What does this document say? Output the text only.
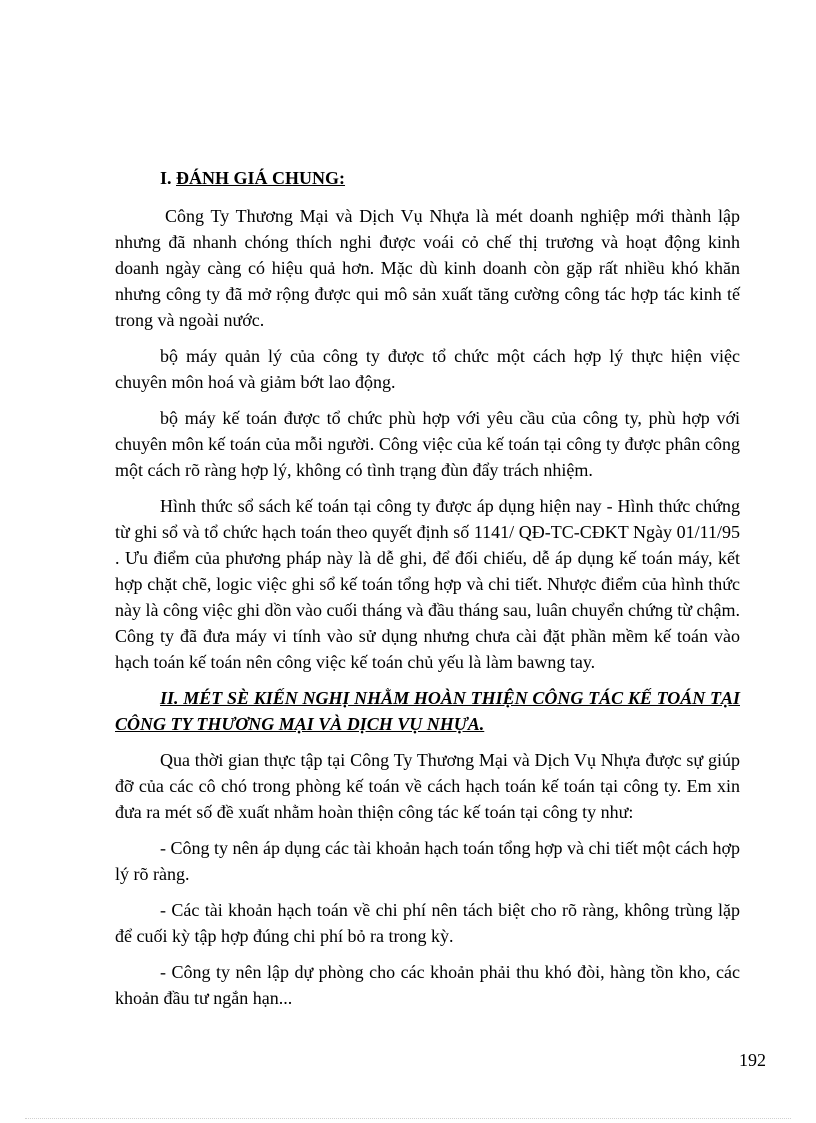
I. ĐÁNH GIÁ CHUNG:

Công Ty Thương Mại và Dịch Vụ Nhựa là mét doanh nghiệp mới thành lập nhưng đã nhanh chóng thích nghi được voái cỏ chế thị trương và hoạt động kinh doanh ngày càng có hiệu quả hơn. Mặc dù kinh doanh còn gặp rất nhiều khó khăn nhưng công ty đã mở rộng được qui mô sản xuất tăng cường công tác hợp tác kinh tế trong và ngoài nước.

bộ máy quản lý của công ty được tổ chức một cách hợp lý thực hiện việc chuyên môn hoá và giảm bớt lao động.

bộ máy kế toán được tổ chức phù hợp với yêu cầu của công ty, phù hợp với chuyên môn kế toán của mỗi người. Công việc của kế toán tại công ty được phân công một cách rõ ràng hợp lý, không có tình trạng đùn đẩy trách nhiệm.

Hình thức sổ sách kế toán tại công ty được áp dụng hiện nay - Hình thức chứng từ ghi sổ và tổ chức hạch toán theo quyết định số 1141/ QĐ-TC-CĐKT Ngày 01/11/95 . Ưu điểm của phương pháp này là dễ ghi, để đối chiếu, dễ áp dụng kế toán máy, kết hợp chặt chẽ, logic việc ghi sổ kế toán tổng hợp và chi tiết. Nhược điểm của hình thức này là công việc ghi dồn vào cuối tháng và đầu tháng sau, luân chuyển chứng từ chậm. Công ty đã đưa máy vi tính vào sử dụng nhưng chưa cài đặt phần mềm kế toán vào hạch toán kế toán nên công việc kế toán chủ yếu là làm bawng tay.

II. MÉT SÈ KIẾN NGHỊ NHẰM HOÀN THIỆN CÔNG TÁC KẾ TOÁN TẠI CÔNG TY THƯƠNG MẠI VÀ DỊCH VỤ NHỰA.

Qua thời gian thực tập tại Công Ty Thương Mại và Dịch Vụ Nhựa được sự giúp đỡ của các cô chó trong phòng kế toán về cách hạch toán kế toán tại công ty. Em xin đưa ra mét số đề xuất nhằm hoàn thiện công tác kế toán tại công ty như:

- Công ty nên áp dụng các tài khoản hạch toán tổng hợp và chi tiết một cách hợp lý rõ ràng.

- Các tài khoản hạch toán về chi phí nên tách biệt cho rõ ràng, không trùng lặp để cuối kỳ tập hợp đúng chi phí bỏ ra trong kỳ.

- Công ty nên lập dự phòng cho các khoản phải thu khó đòi, hàng tồn kho, các khoản đầu tư ngắn hạn...

192
